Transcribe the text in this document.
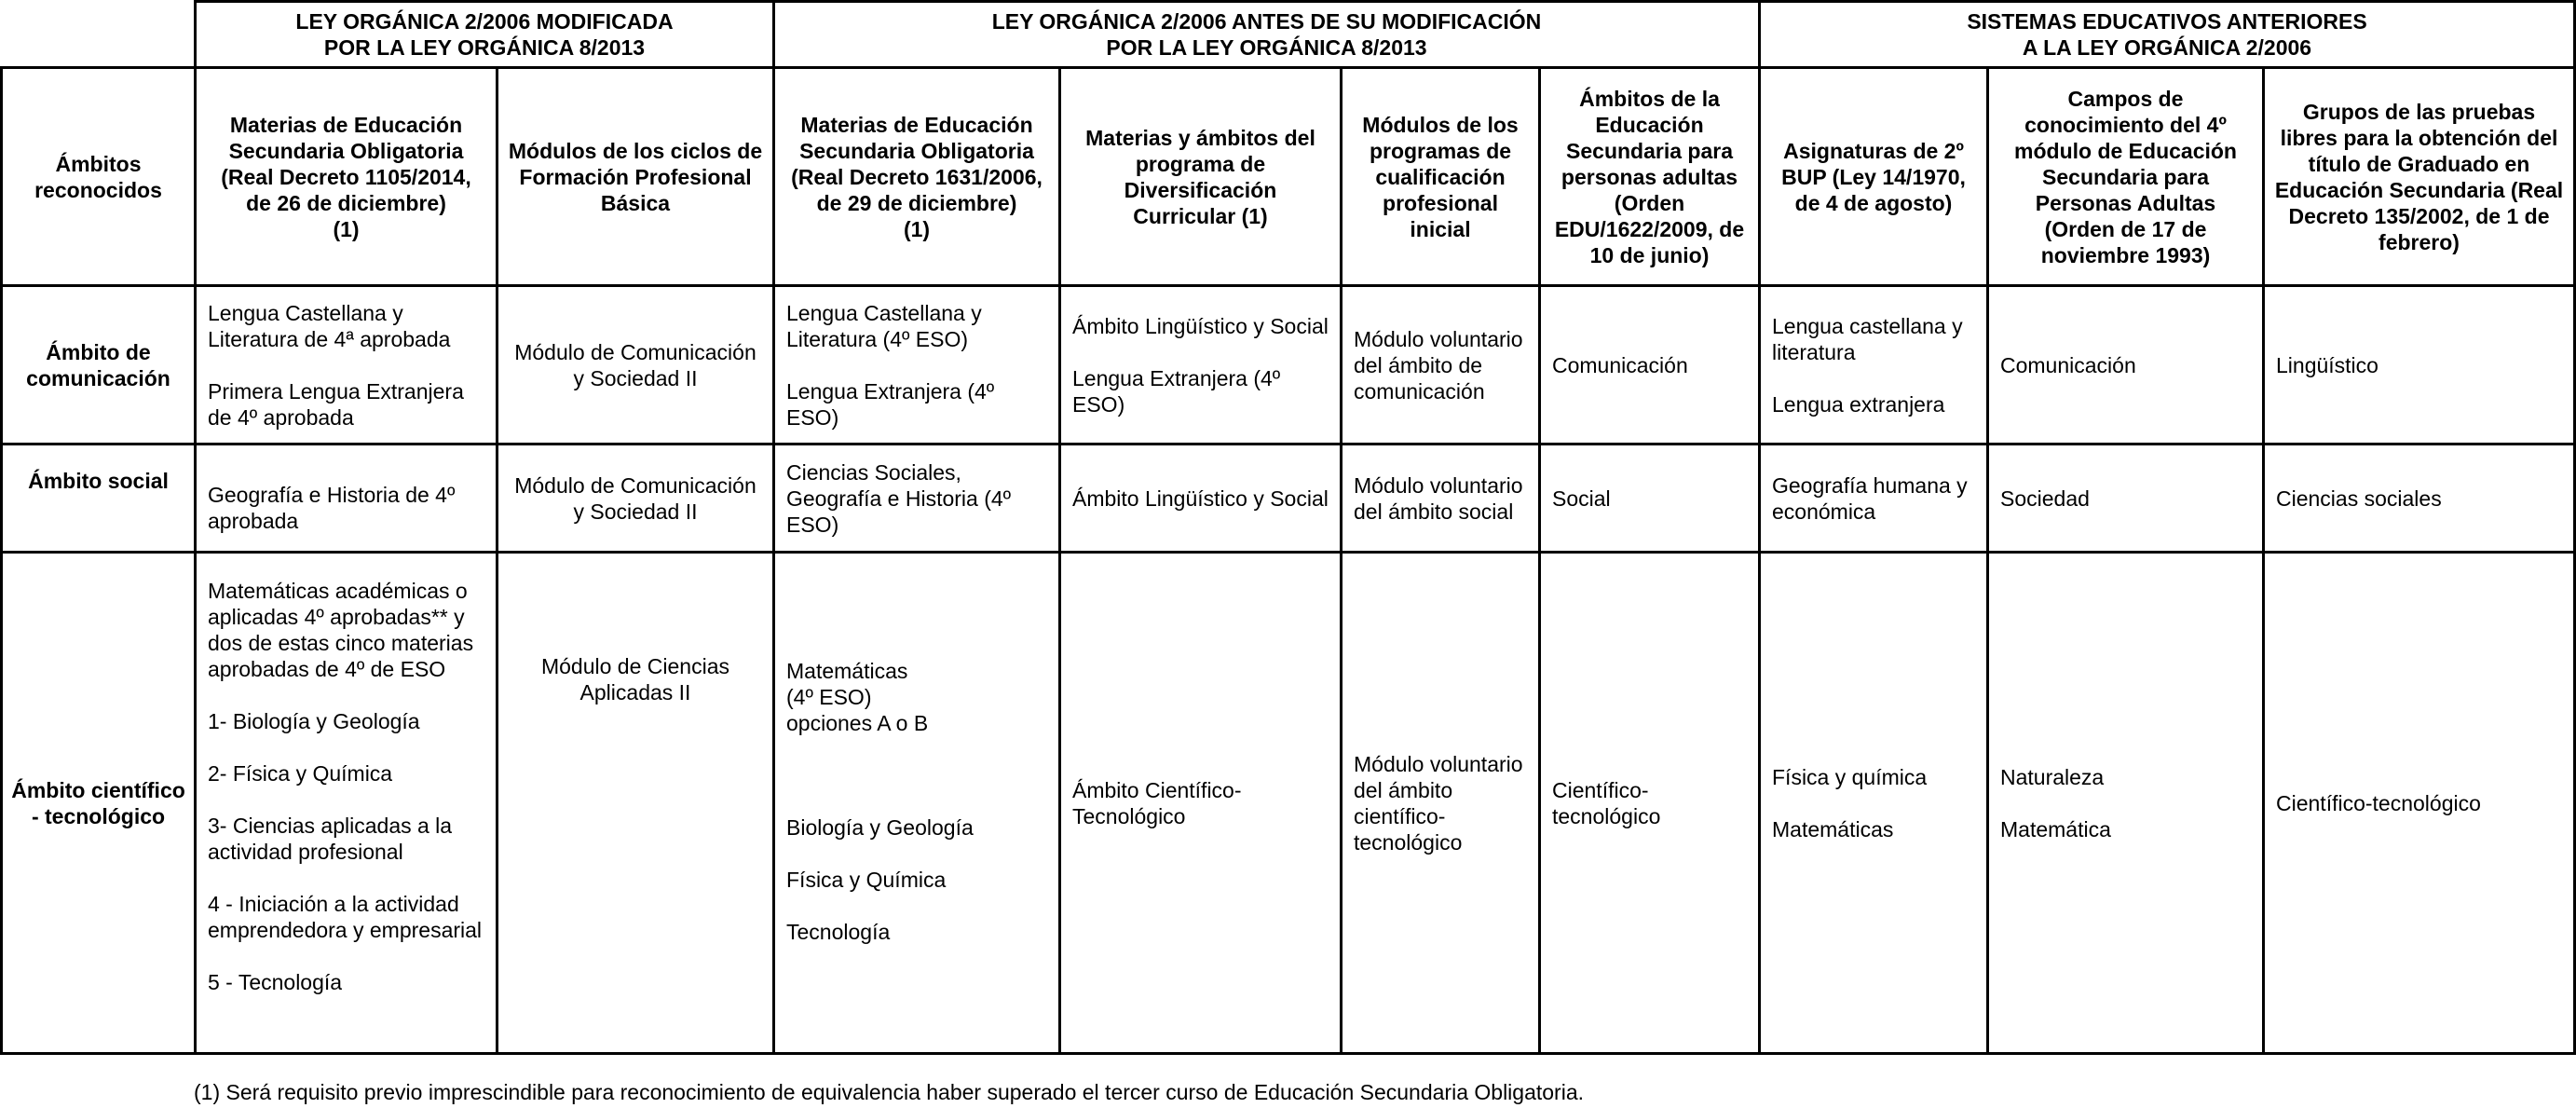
LEY ORGÁNICA 2/2006 MODIFICADA
POR LA LEY ORGÁNICA 8/2013
LEY ORGÁNICA 2/2006 ANTES DE SU MODIFICACIÓN
POR LA LEY ORGÁNICA 8/2013
SISTEMAS EDUCATIVOS ANTERIORES
A LA LEY ORGÁNICA 2/2006
Ámbitos reconocidos
Materias de Educación Secundaria Obligatoria (Real Decreto 1105/2014, de 26 de diciembre)
(1)
Módulos de los ciclos de Formación Profesional Básica
Materias de Educación Secundaria Obligatoria (Real Decreto 1631/2006, de 29 de diciembre)
(1)
Materias y ámbitos del programa de Diversificación Curricular (1)
Módulos de los programas de cualificación profesional inicial
Ámbitos de la Educación Secundaria para personas adultas (Orden EDU/1622/2009, de 10 de junio)
Asignaturas de 2º BUP (Ley 14/1970, de 4 de agosto)
Campos de conocimiento del 4º módulo de Educación Secundaria para Personas Adultas (Orden de 17 de noviembre 1993)
Grupos de las pruebas libres para la obtención del título de Graduado en Educación Secundaria (Real Decreto 135/2002, de 1 de febrero)
Ámbito de comunicación
Lengua Castellana y Literatura de 4ª aprobada
Primera Lengua Extranjera de 4º aprobada
Módulo de Comunicación y Sociedad II
Lengua Castellana y Literatura (4º ESO)
Lengua Extranjera (4º ESO)
Ámbito Lingüístico y Social
Lengua Extranjera (4º ESO)
Módulo voluntario del ámbito de comunicación
Comunicación
Lengua castellana y literatura
Lengua extranjera
Comunicación	Lingüístico
Ámbito social
Geografía e Historia de 4º aprobada
Módulo de Comunicación y Sociedad II
Ciencias Sociales, Geografía e Historia (4º ESO)
Ámbito Lingüístico y Social
Módulo voluntario del ámbito social
Social
Geografía humana y económica
Sociedad	Ciencias sociales
Ámbito científico - tecnológico
Matemáticas académicas o aplicadas 4º aprobadas** y dos de estas cinco materias aprobadas de 4º de ESO
1- Biología y Geología
2- Física y Química
3- Ciencias aplicadas a la actividad profesional
4 - Iniciación a la actividad emprendedora y empresarial
5 - Tecnología
Módulo de Ciencias Aplicadas II
Matemáticas
(4º ESO)
opciones A o B
Biología y Geología
Física y Química
Tecnología
Ámbito Científico-Tecnológico
Módulo voluntario del ámbito científico-tecnológico
Científico-tecnológico
Física y química
Matemáticas
Naturaleza
Matemática
Científico-tecnológico
(1) Será requisito previo imprescindible para reconocimiento de equivalencia haber superado el tercer curso de Educación Secundaria Obligatoria.
